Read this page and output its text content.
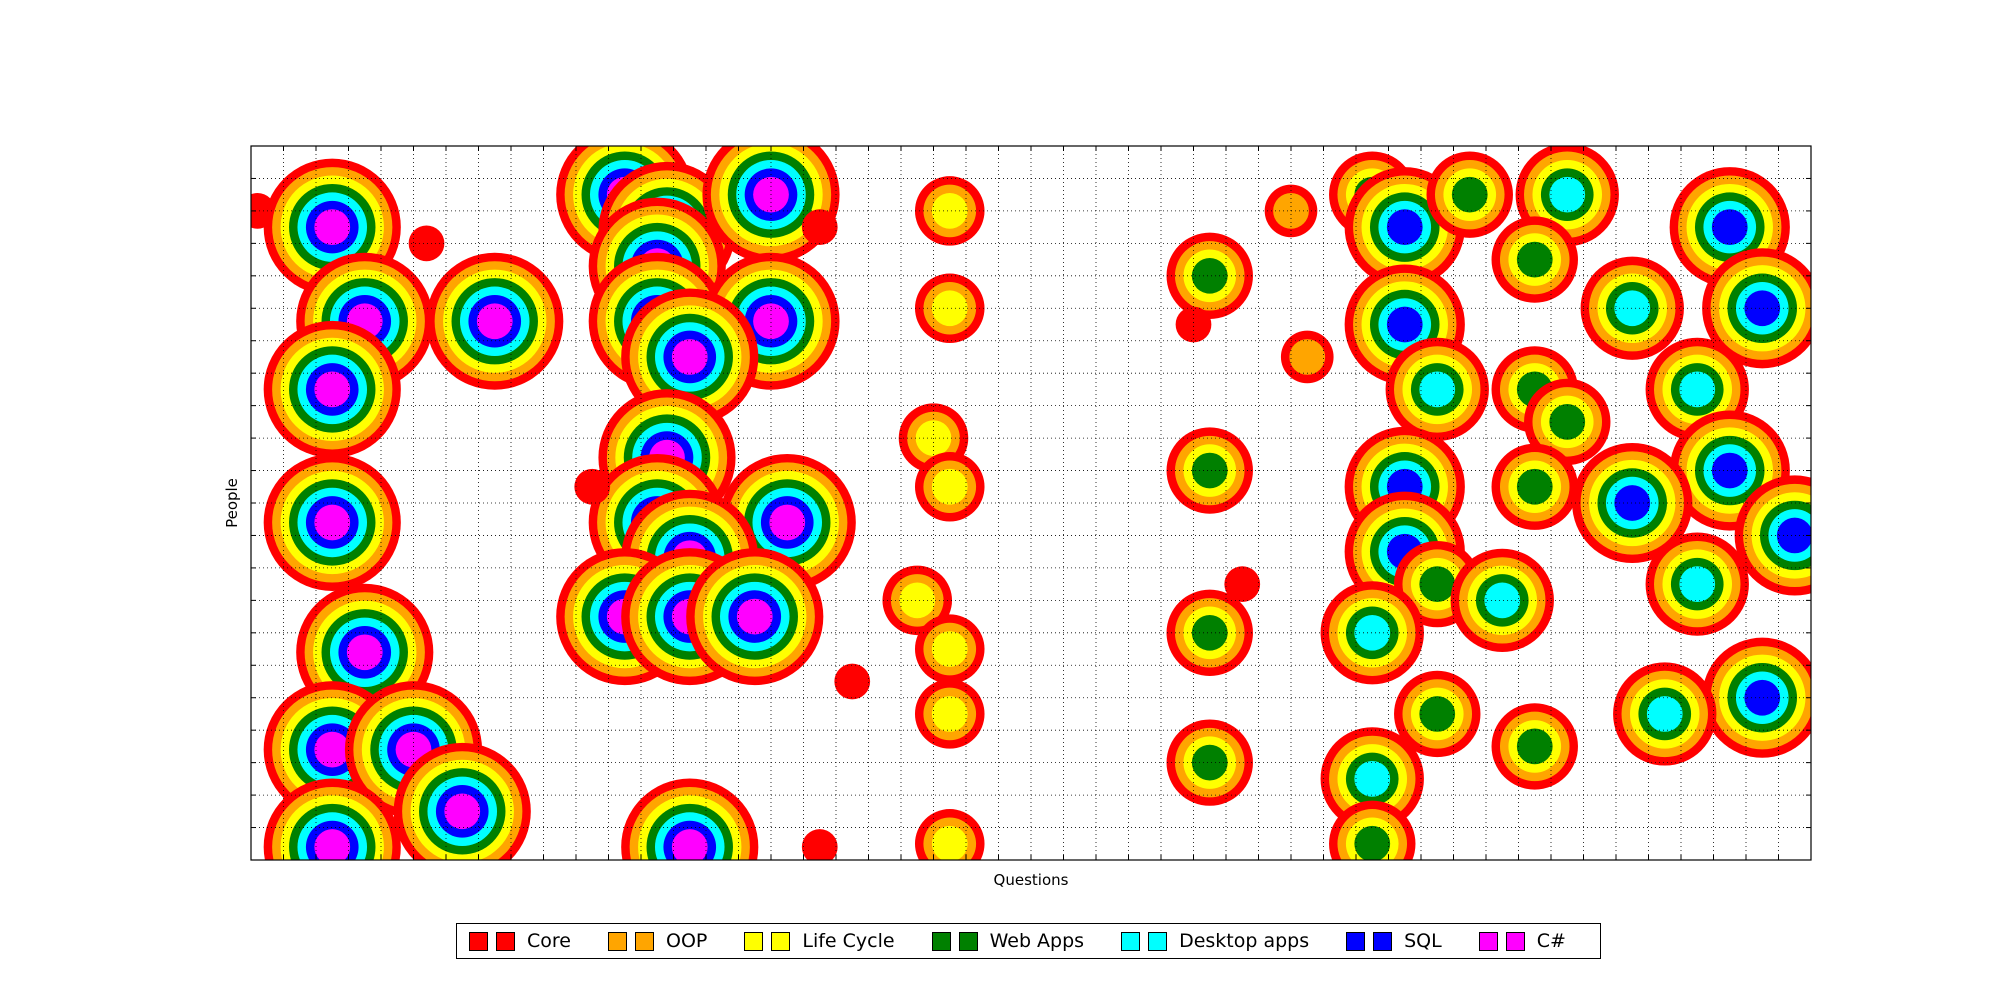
Questions
People
Core	OOP	Life Cycle	Web Apps	Desktop apps	SQL	C#
